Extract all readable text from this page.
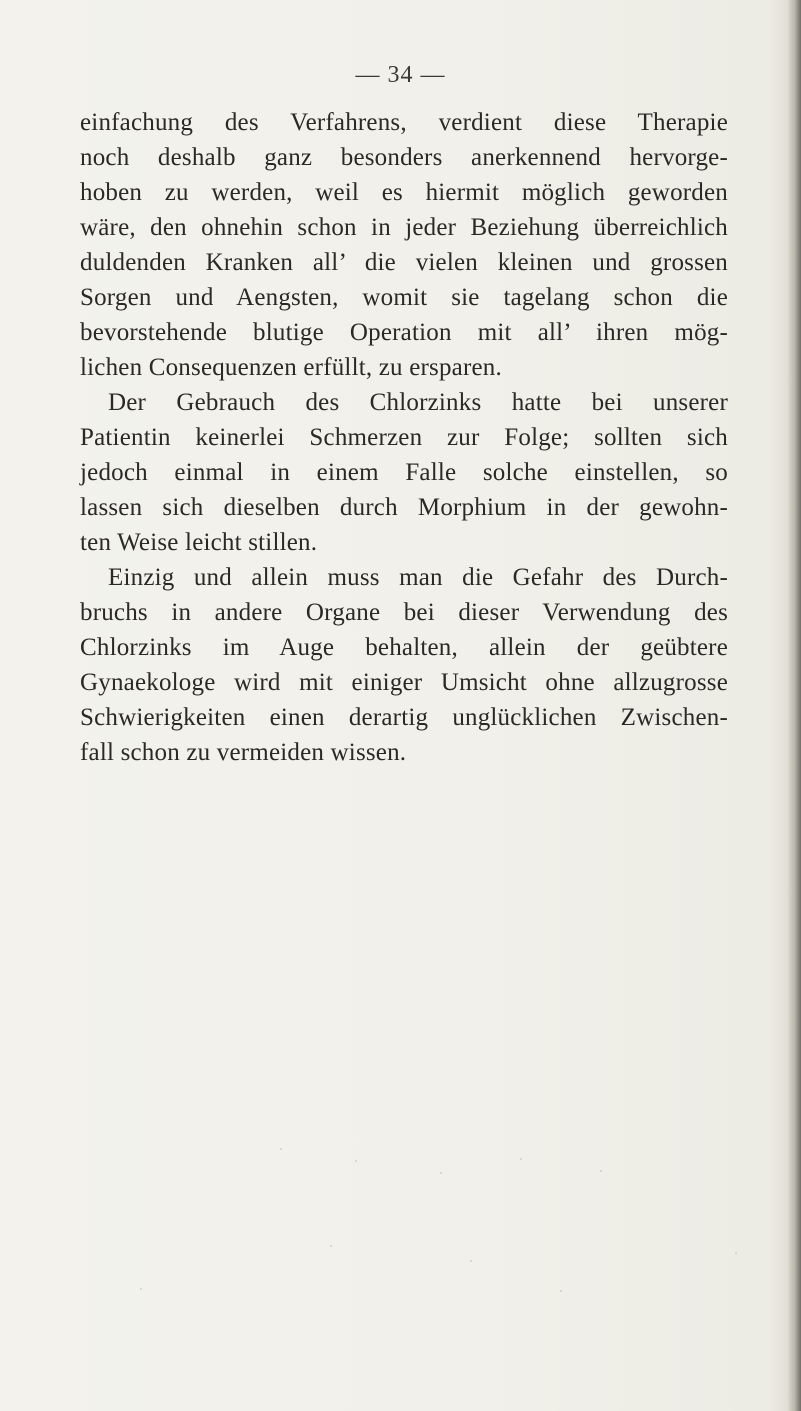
— 34 —
einfachung des Verfahrens, verdient diese Therapie
noch deshalb ganz besonders anerkennend hervorge-
hoben zu werden, weil es hiermit möglich geworden
wäre, den ohnehin schon in jeder Beziehung überreichlich
duldenden Kranken all’ die vielen kleinen und grossen
Sorgen und Aengsten, womit sie tagelang schon die
bevorstehende blutige Operation mit all’ ihren mög-
lichen Consequenzen erfüllt, zu ersparen.
Der Gebrauch des Chlorzinks hatte bei unserer
Patientin keinerlei Schmerzen zur Folge; sollten sich
jedoch einmal in einem Falle solche einstellen, so
lassen sich dieselben durch Morphium in der gewohn-
ten Weise leicht stillen.
Einzig und allein muss man die Gefahr des Durch-
bruchs in andere Organe bei dieser Verwendung des
Chlorzinks im Auge behalten, allein der geübtere
Gynaekologe wird mit einiger Umsicht ohne allzugrosse
Schwierigkeiten einen derartig unglücklichen Zwischen-
fall schon zu vermeiden wissen.
